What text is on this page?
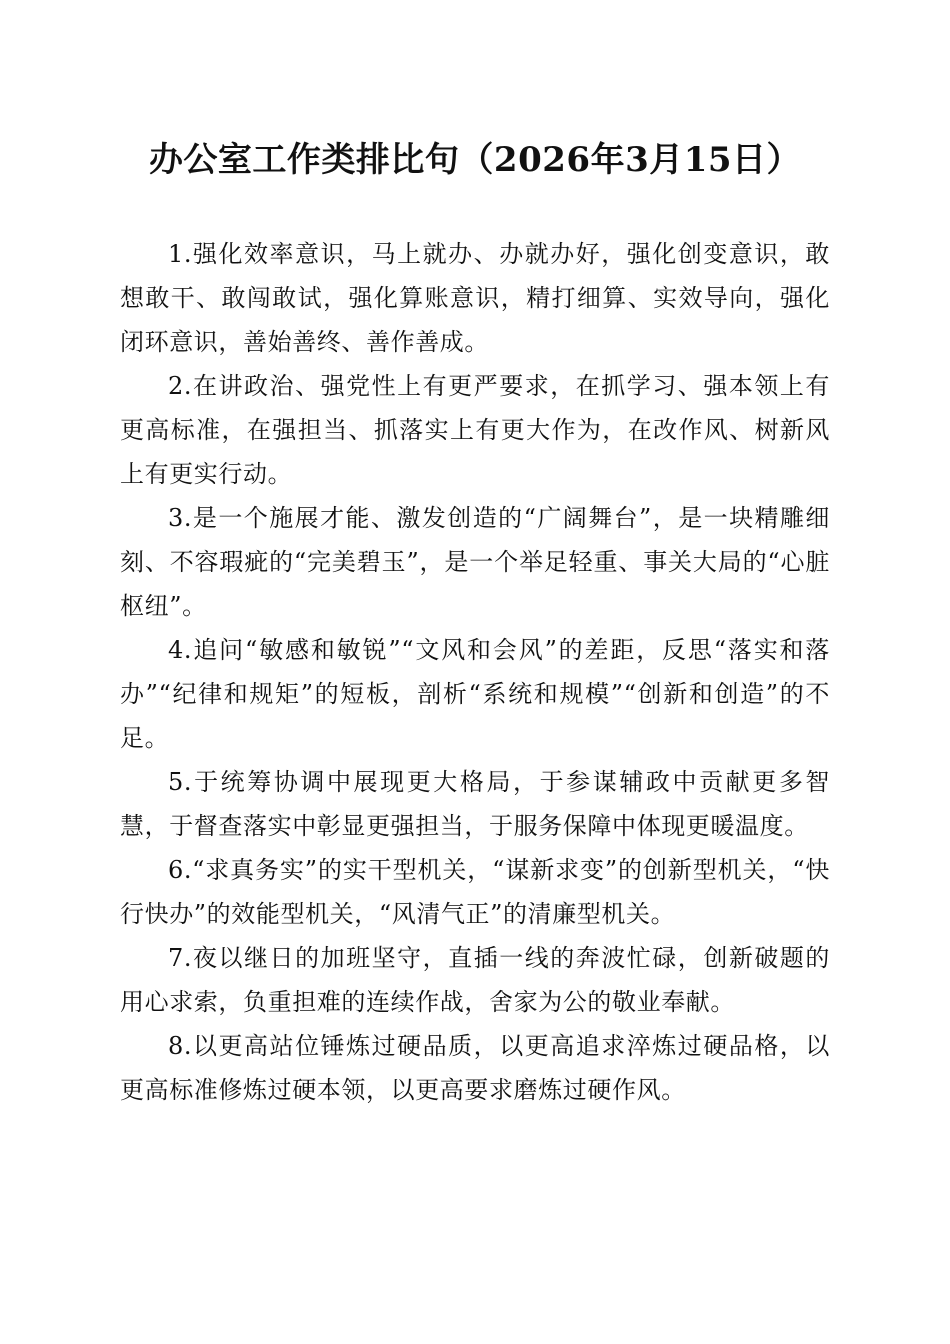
办公室工作类排比句（2026年3月15日）

1.强化效率意识，马上就办、办就办好，强化创变意识，敢想敢干、敢闯敢试，强化算账意识，精打细算、实效导向，强化闭环意识，善始善终、善作善成。

2.在讲政治、强党性上有更严要求，在抓学习、强本领上有更高标准，在强担当、抓落实上有更大作为，在改作风、树新风上有更实行动。

3.是一个施展才能、激发创造的“广阔舞台”，是一块精雕细刻、不容瑕疵的“完美碧玉”，是一个举足轻重、事关大局的“心脏枢纽”。

4.追问“敏感和敏锐”“文风和会风”的差距，反思“落实和落办”“纪律和规矩”的短板，剖析“系统和规模”“创新和创造”的不足。

5.于统筹协调中展现更大格局，于参谋辅政中贡献更多智慧，于督查落实中彰显更强担当，于服务保障中体现更暖温度。

6.“求真务实”的实干型机关，“谋新求变”的创新型机关，“快行快办”的效能型机关，“风清气正”的清廉型机关。

7.夜以继日的加班坚守，直插一线的奔波忙碌，创新破题的用心求索，负重担难的连续作战，舍家为公的敬业奉献。

8.以更高站位锤炼过硬品质，以更高追求淬炼过硬品格，以更高标准修炼过硬本领，以更高要求磨炼过硬作风。
